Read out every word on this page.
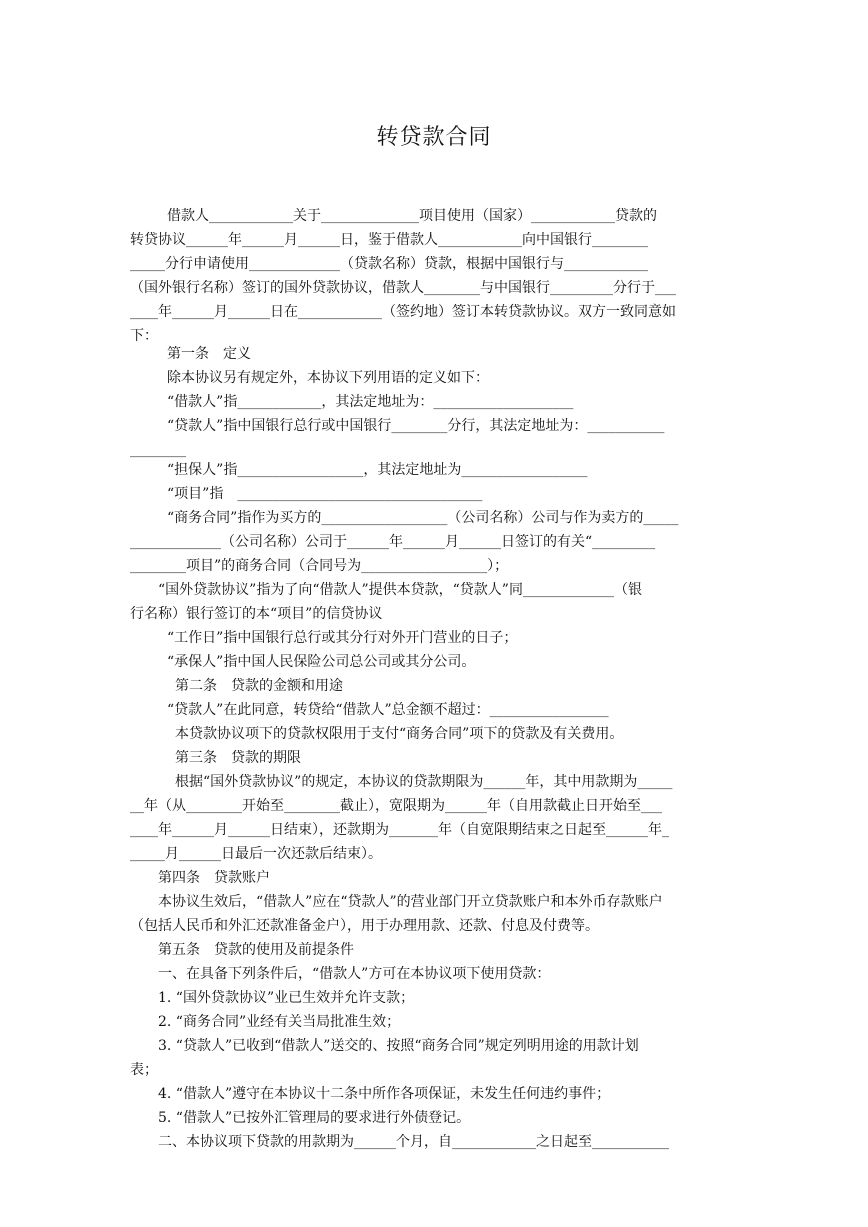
转贷款合同
借款人____________关于______________项目使用（国家）____________贷款的
转贷协议______年______月______日，鉴于借款人____________向中国银行________
_____分行申请使用_____________（贷款名称）贷款，根据中国银行与____________
（国外银行名称）签订的国外贷款协议，借款人________与中国银行_________分行于___
____年______月______日在____________（签约地）签订本转贷款协议。双方一致同意如
下：
第一条　定义
除本协议另有规定外，本协议下列用语的定义如下：
“借款人”指____________，其法定地址为：____________________
“贷款人”指中国银行总行或中国银行________分行，其法定地址为：___________
________
“担保人”指__________________，其法定地址为__________________
“项目”指　___________________________________
“商务合同”指作为买方的__________________（公司名称）公司与作为卖方的_____
_____________（公司名称）公司于______年______月______日签订的有关“_________
________项目”的商务合同（合同号为__________________）；
“国外贷款协议”指为了向“借款人”提供本贷款，“贷款人”同_____________（银
行名称）银行签订的本“项目”的信贷协议
“工作日”指中国银行总行或其分行对外开门营业的日子；
“承保人”指中国人民保险公司总公司或其分公司。
第二条　贷款的金额和用途
“贷款人”在此同意，转贷给“借款人”总金额不超过：_________________
本贷款协议项下的贷款权限用于支付“商务合同”项下的贷款及有关费用。
第三条　贷款的期限
根据“国外贷款协议”的规定，本协议的贷款期限为______年，其中用款期为_____
__年（从________开始至________截止），宽限期为______年（自用款截止日开始至___
____年______月______日结束），还款期为_______年（自宽限期结束之日起至______年_
_____月______日最后一次还款后结束）。
第四条　贷款账户
本协议生效后，“借款人”应在“贷款人”的营业部门开立贷款账户和本外币存款账户
（包括人民币和外汇还款准备金户），用于办理用款、还款、付息及付费等。
第五条　贷款的使用及前提条件
一、在具备下列条件后，“借款人”方可在本协议项下使用贷款：
1. “国外贷款协议”业已生效并允许支款；
2. “商务合同”业经有关当局批准生效；
3. “贷款人”已收到“借款人”送交的、按照“商务合同”规定列明用途的用款计划
表；
4. “借款人”遵守在本协议十二条中所作各项保证，未发生任何违约事件；
5. “借款人”已按外汇管理局的要求进行外债登记。
二、本协议项下贷款的用款期为______个月，自____________之日起至___________
